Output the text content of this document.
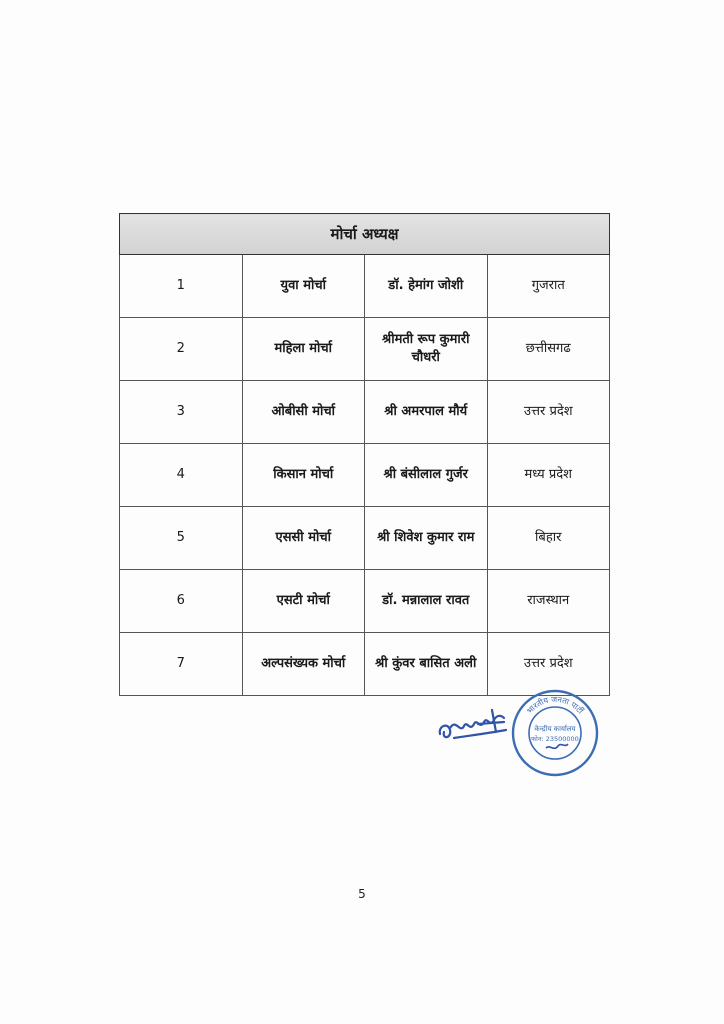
मोर्चा अध्यक्ष			
1	युवा मोर्चा	डॉ. हेमांग जोशी	गुजरात
2	महिला मोर्चा	श्रीमती रूप कुमारी चौधरी	छत्तीसगढ
3	ओबीसी मोर्चा	श्री अमरपाल मौर्य	उत्तर प्रदेश
4	किसान मोर्चा	श्री बंसीलाल गुर्जर	मध्य प्रदेश
5	एससी मोर्चा	श्री शिवेश कुमार राम	बिहार
6	एसटी मोर्चा	डॉ. मन्नालाल रावत	राजस्थान
7	अल्पसंख्यक मोर्चा	श्री कुंवर बासित अली	उत्तर प्रदेश
भारतीय जनता पार्टी
केन्द्रीय कार्यालय
फोन: 23500000
5
